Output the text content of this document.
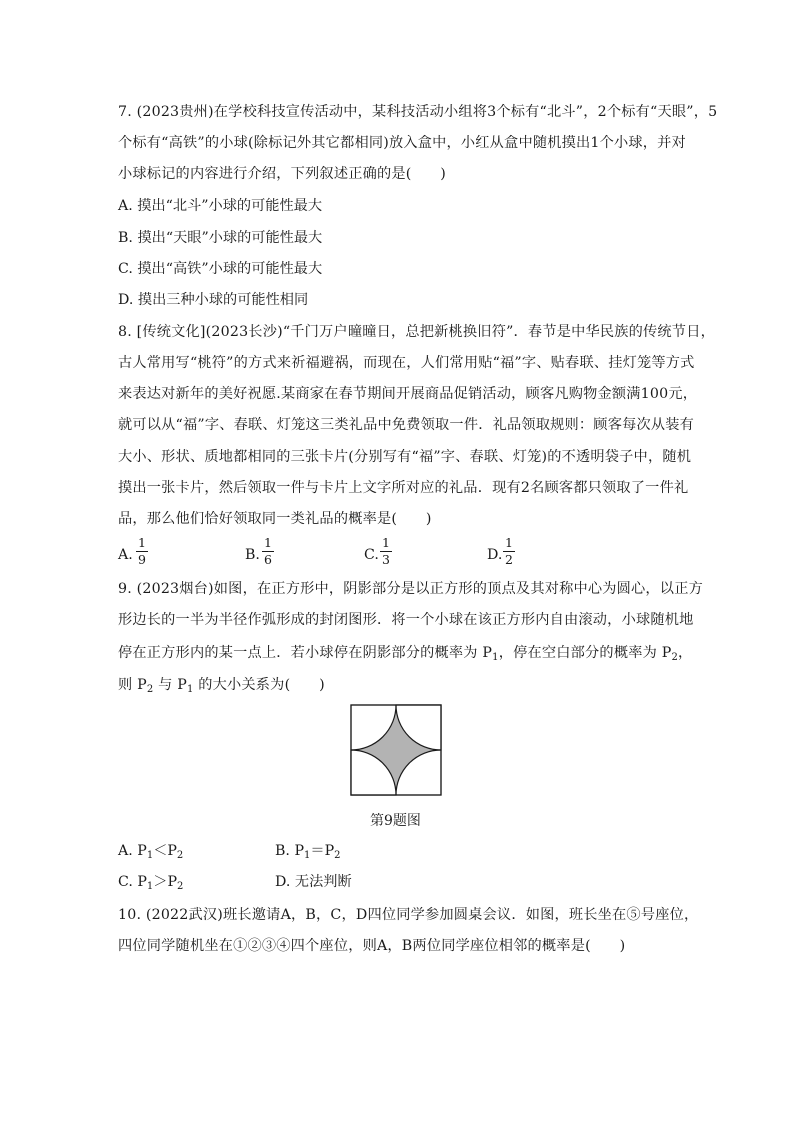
7. (2023贵州)在学校科技宣传活动中，某科技活动小组将3个标有“北斗”，2个标有“天眼”，5
个标有“高铁”的小球(除标记外其它都相同)放入盒中，小红从盒中随机摸出1个小球，并对
小球标记的内容进行介绍，下列叙述正确的是(　　)
A. 摸出“北斗”小球的可能性最大
B. 摸出“天眼”小球的可能性最大
C. 摸出“高铁”小球的可能性最大
D. 摸出三种小球的可能性相同
8. [传统文化](2023长沙)“千门万户曈曈日，总把新桃换旧符”．春节是中华民族的传统节日，
古人常用写“桃符”的方式来祈福避祸，而现在，人们常用贴“福”字、贴春联、挂灯笼等方式
来表达对新年的美好祝愿.某商家在春节期间开展商品促销活动，顾客凡购物金额满100元，
就可以从“福”字、春联、灯笼这三类礼品中免费领取一件．礼品领取规则：顾客每次从装有
大小、形状、质地都相同的三张卡片(分别写有“福”字、春联、灯笼)的不透明袋子中，随机
摸出一张卡片，然后领取一件与卡片上文字所对应的礼品．现有2名顾客都只领取了一件礼
品，那么他们恰好领取同一类礼品的概率是(　　)
A.
1
9	B.
1
6	C.
1
3	D.
1
2
9. (2023烟台)如图，在正方形中，阴影部分是以正方形的顶点及其对称中心为圆心，以正方
形边长的一半为半径作弧形成的封闭图形．将一个小球在该正方形内自由滚动，小球随机地
停在正方形内的某一点上．若小球停在阴影部分的概率为 $P_1$，停在空白部分的概率为 $P_2$，
则 $P_2$ 与 $P_1$ 的大小关系为(　　)
第9题图
A. $P_1<P_2$	B. $P_1=P_2$
C. $P_1>P_2$	D. 无法判断
10. (2022武汉)班长邀请A，B，C，D四位同学参加圆桌会议．如图，班长坐在⑤号座位，
四位同学随机坐在①②③④四个座位，则A，B两位同学座位相邻的概率是(　　)
